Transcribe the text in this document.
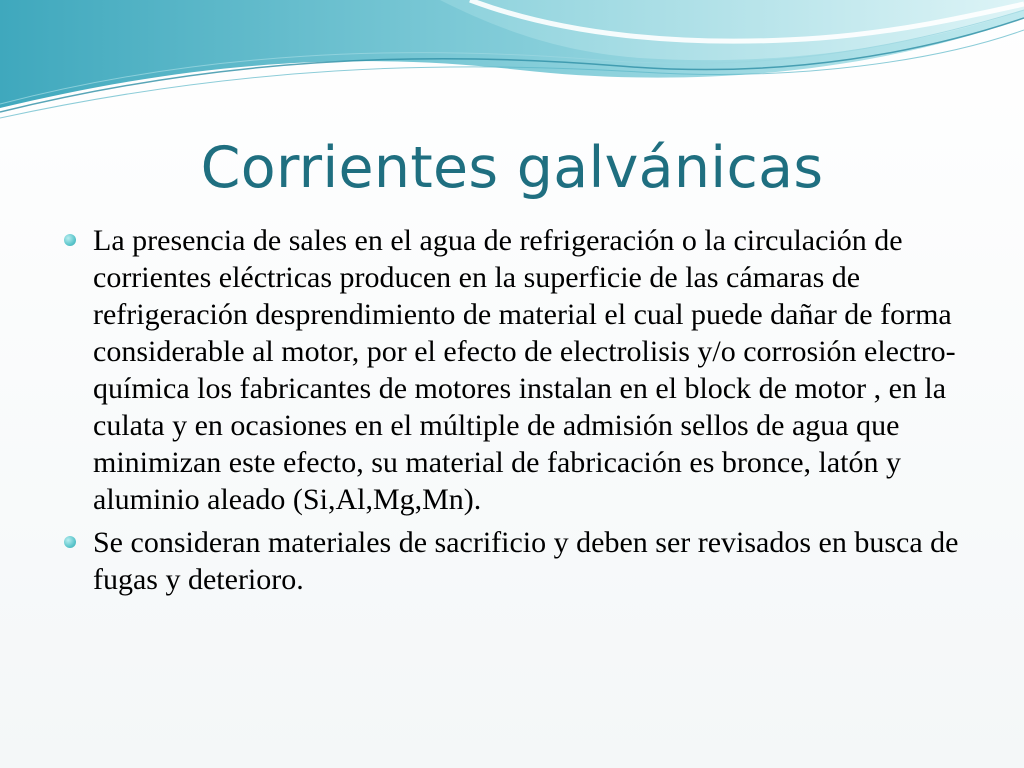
Corrientes galvánicas
La presencia de sales en el agua de refrigeración o la circulación de corrientes eléctricas producen en la superficie de las cámaras de refrigeración desprendimiento de material el cual puede dañar de forma considerable al motor, por el efecto de electrolisis y/o corrosión electro-química los fabricantes de motores instalan en el block de motor , en la culata y en ocasiones en el múltiple de admisión sellos de agua que minimizan este efecto, su material de fabricación es bronce, latón y aluminio aleado (Si,Al,Mg,Mn).
Se consideran materiales de sacrificio y deben ser revisados en busca de fugas y deterioro.
